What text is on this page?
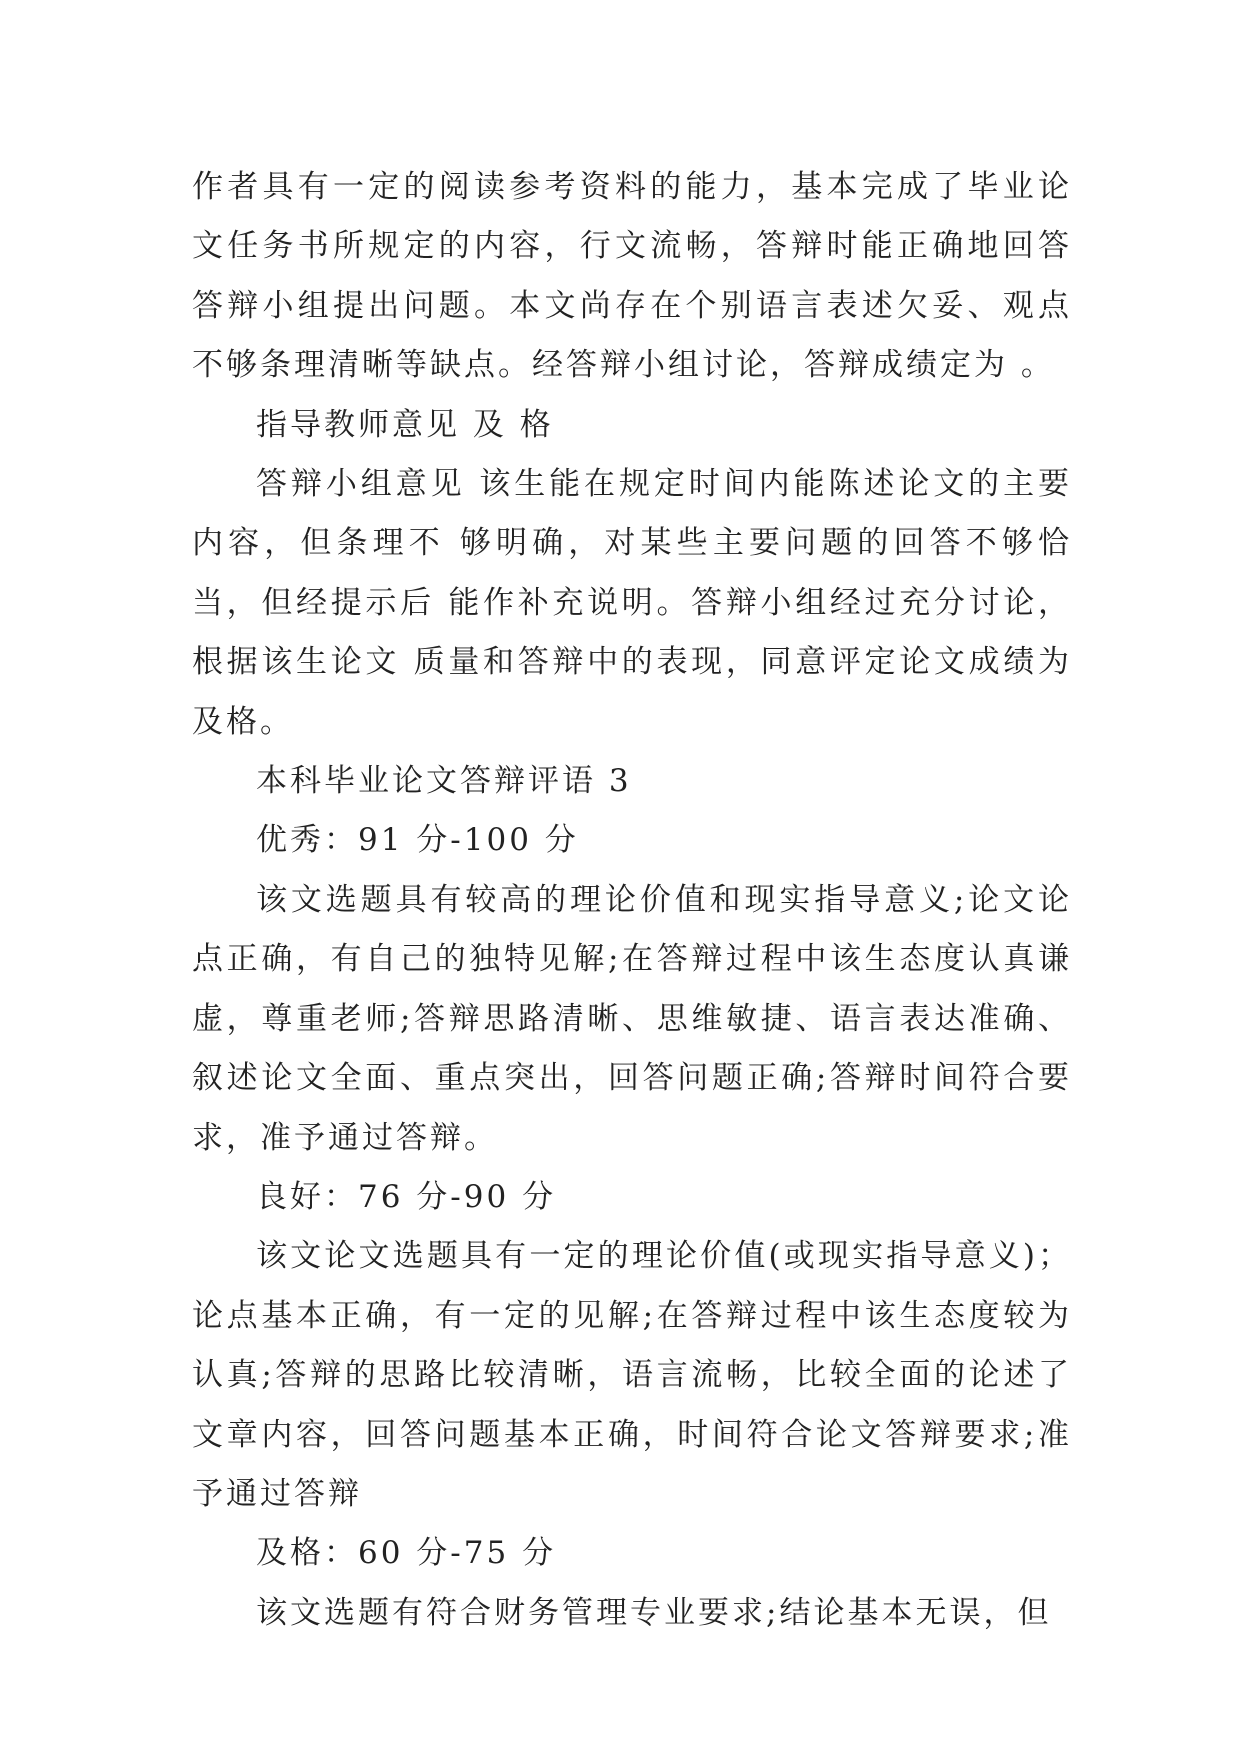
作者具有一定的阅读参考资料的能力，基本完成了毕业论文任务书所规定的内容，行文流畅，答辩时能正确地回答答辩小组提出问题。本文尚存在个别语言表述欠妥、观点不够条理清晰等缺点。经答辩小组讨论，答辩成绩定为 。

指导教师意见 及 格

答辩小组意见 该生能在规定时间内能陈述论文的主要内容，但条理不 够明确，对某些主要问题的回答不够恰当，但经提示后 能作补充说明。答辩小组经过充分讨论，根据该生论文 质量和答辩中的表现，同意评定论文成绩为及格。

本科毕业论文答辩评语 3

优秀：91 分-100 分

该文选题具有较高的理论价值和现实指导意义;论文论点正确，有自己的独特见解;在答辩过程中该生态度认真谦虚，尊重老师;答辩思路清晰、思维敏捷、语言表达准确、叙述论文全面、重点突出，回答问题正确;答辩时间符合要求，准予通过答辩。

良好：76 分-90 分

该文论文选题具有一定的理论价值(或现实指导意义)；论点基本正确，有一定的见解;在答辩过程中该生态度较为认真;答辩的思路比较清晰，语言流畅，比较全面的论述了文章内容，回答问题基本正确，时间符合论文答辩要求;准予通过答辩

及格：60 分-75 分

该文选题有符合财务管理专业要求;结论基本无误，但
